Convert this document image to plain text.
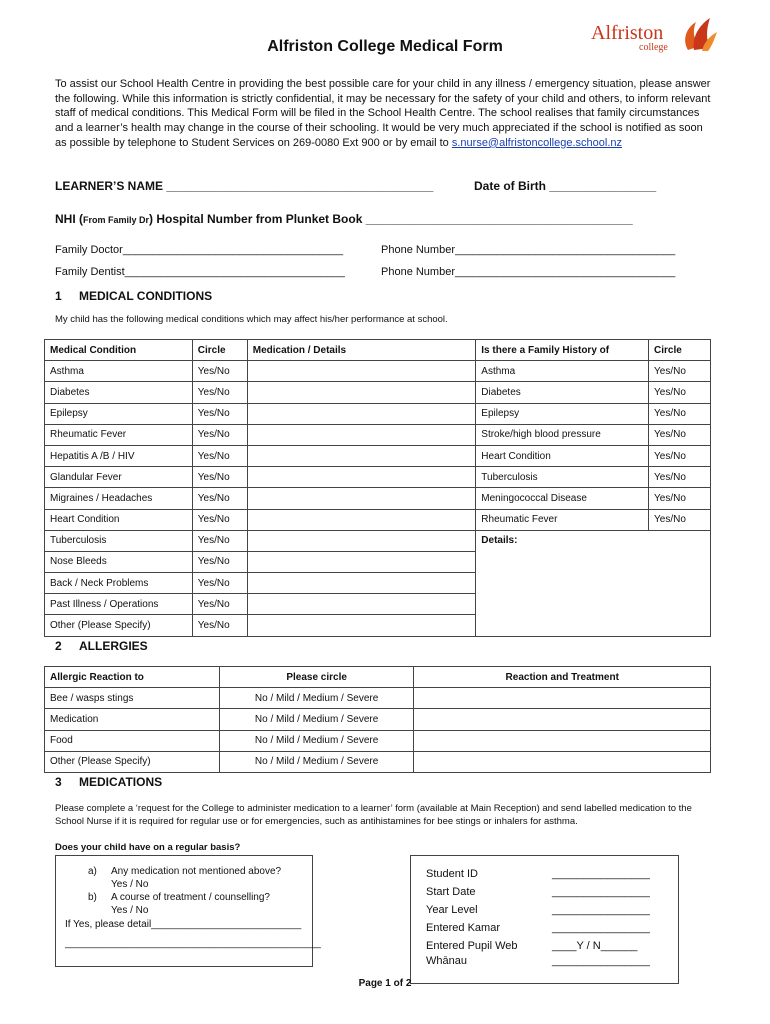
Alfriston College Medical Form
Alfriston
college
To assist our School Health Centre in providing the best possible care for your child in any illness / emergency situation, please answer the following. While this information is strictly confidential, it may be necessary for the safety of your child and others, to inform relevant staff of medical conditions. This Medical Form will be filed in the School Health Centre. The school realises that family circumstances and a learner’s health may change in the course of their schooling. It would be very much appreciated if the school is notified as soon as possible by telephone to Student Services on 269-0080 Ext 900 or by email to s.nurse@alfristoncollege.school.nz
LEARNER’S NAME ________________________________________	Date of Birth ________________
NHI (From Family Dr) Hospital Number from Plunket Book ________________________________________
Family Doctor____________________________________	Phone Number____________________________________
Family Dentist____________________________________	Phone Number____________________________________
1 MEDICAL CONDITIONS
My child has the following medical conditions which may affect his/her performance at school.
Medical Condition	Circle	Medication / Details	Is there a Family History of	Circle
Asthma	Yes/No		Asthma	Yes/No
Diabetes	Yes/No		Diabetes	Yes/No
Epilepsy	Yes/No		Epilepsy	Yes/No
Rheumatic Fever	Yes/No		Stroke/high blood pressure	Yes/No
Hepatitis A /B / HIV	Yes/No		Heart Condition	Yes/No
Glandular Fever	Yes/No		Tuberculosis	Yes/No
Migraines / Headaches	Yes/No		Meningococcal Disease	Yes/No
Heart Condition	Yes/No		Rheumatic Fever	Yes/No
Tuberculosis	Yes/No		Details:	
Nose Bleeds	Yes/No			
Back / Neck Problems	Yes/No			
Past Illness / Operations	Yes/No			
Other (Please Specify)	Yes/No			
2 ALLERGIES
Allergic Reaction to	Please circle	Reaction and Treatment
Bee / wasps stings	No / Mild / Medium / Severe	
Medication	No / Mild / Medium / Severe	
Food	No / Mild / Medium / Severe	
Other (Please Specify)	No / Mild / Medium / Severe	
3 MEDICATIONS
Please complete a ‘request for the College to administer medication to a learner’ form (available at Main Reception) and send labelled medication to the School Nurse if it is required for regular use or for emergencies, such as antihistamines for bee stings or inhalers for asthma.
Does your child have on a regular basis?
a) Any medication not mentioned above?
Yes / No
b) A course of treatment / counselling?
Yes / No
If Yes, please detail___________________________
______________________________________________
Student ID	________________
Start Date	________________
Year Level	________________
Entered Kamar	________________
Entered Pupil Web	____Y / N______
Whānau	________________
Page 1 of 2
